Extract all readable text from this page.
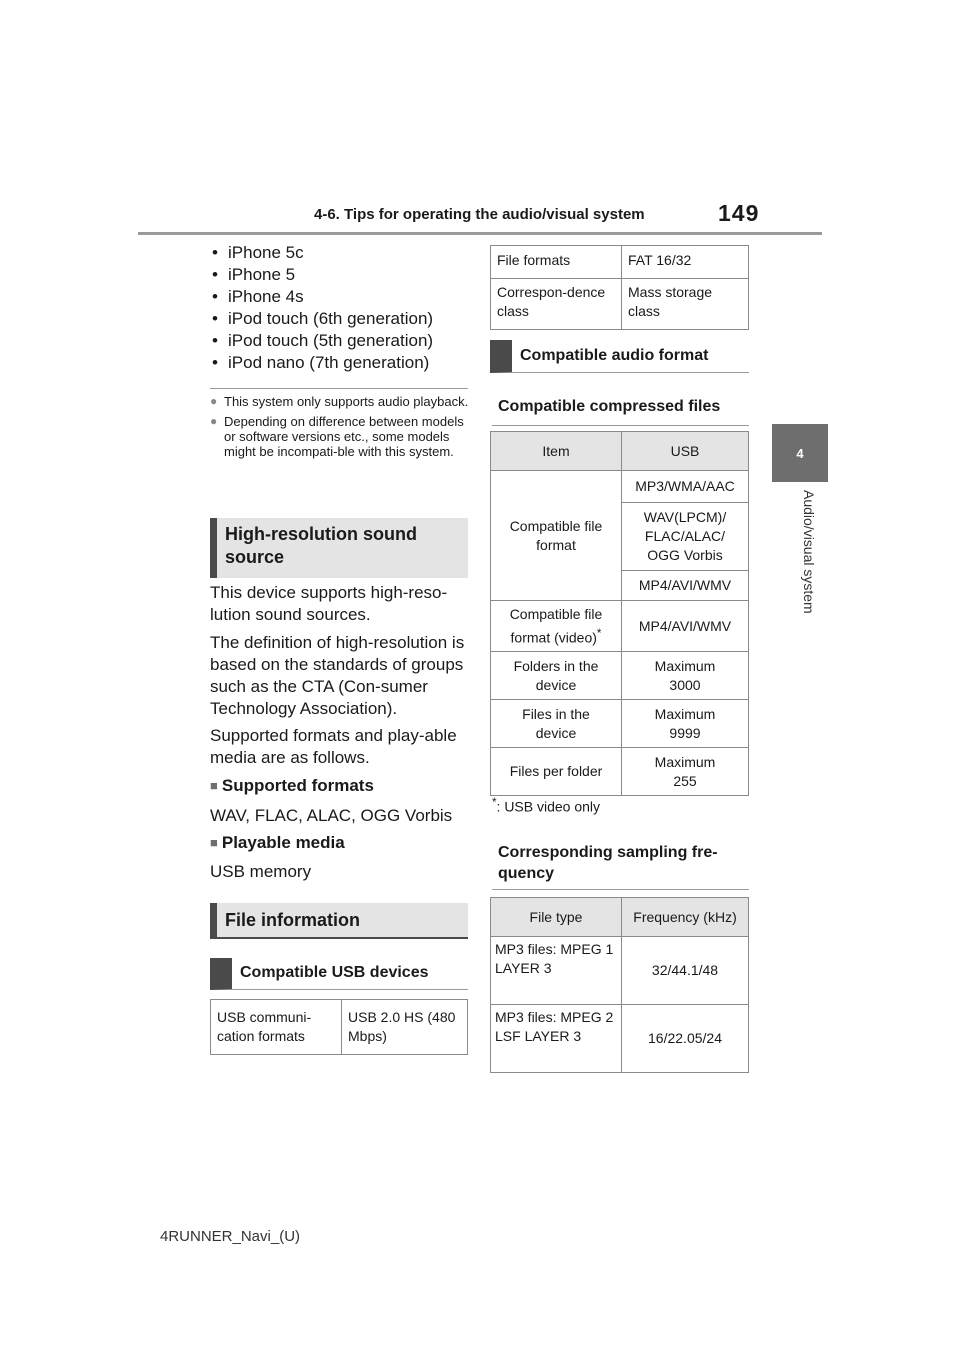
4-6. Tips for operating the audio/visual system	149
4
Audio/visual system
• iPhone 5c
• iPhone 5
• iPhone 4s
• iPod touch (6th generation)
• iPod touch (5th generation)
• iPod nano (7th generation)
● This system only supports audio playback.
● Depending on difference between models or software versions etc., some models might be incompati-ble with this system.
High-resolution sound source
This device supports high-reso-lution sound sources.
The definition of high-resolution is based on the standards of groups such as the CTA (Con-sumer Technology Association).
Supported formats and play-able media are as follows.
■ Supported formats
WAV, FLAC, ALAC, OGG Vorbis
■ Playable media
USB memory
File information
Compatible USB devices
USB communi-cation formats	USB 2.0 HS (480 Mbps)
File formats	FAT 16/32
Correspon-dence class	Mass storage class
Compatible audio format
Compatible compressed files
Item	USB
Compatible file format	MP3/WMA/AAC
	WAV(LPCM)/ FLAC/ALAC/ OGG Vorbis
	MP4/AVI/WMV
Compatible file format (video)*	MP4/AVI/WMV
Folders in the device	Maximum 3000
Files in the device	Maximum 9999
Files per folder	Maximum 255
*: USB video only
Corresponding sampling fre-quency
File type	Frequency (kHz)
MP3 files: MPEG 1 LAYER 3	32/44.1/48
MP3 files: MPEG 2 LSF LAYER 3	16/22.05/24
4RUNNER_Navi_(U)
